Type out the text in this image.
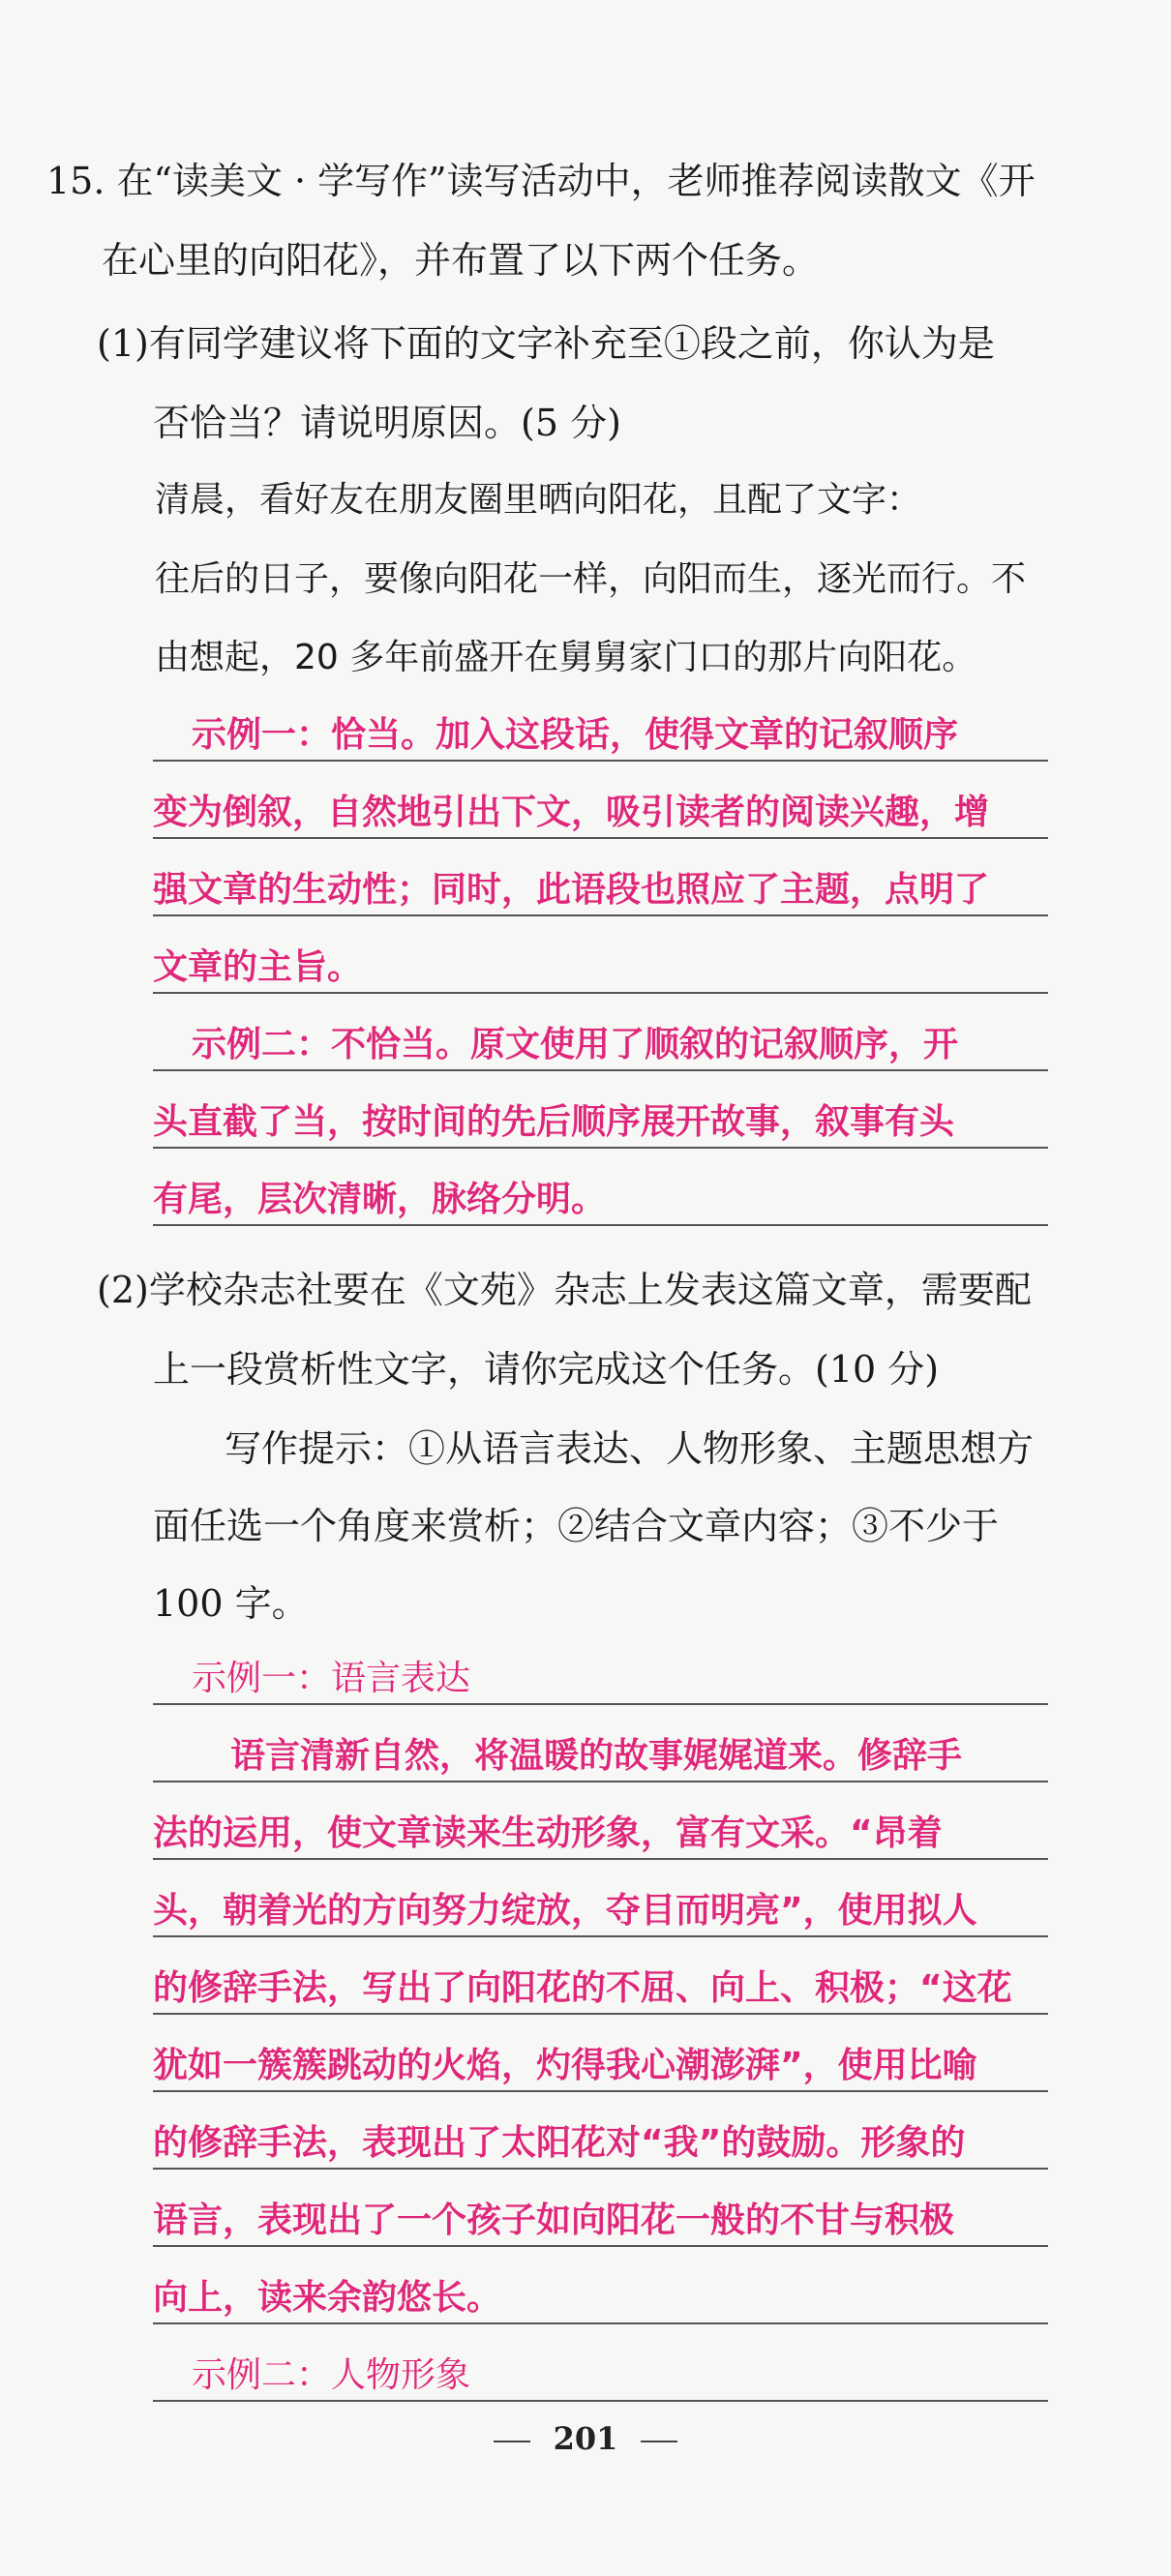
15. 在“读美文 · 学写作”读写活动中，老师推荐阅读散文《开
在心里的向阳花》，并布置了以下两个任务。
(1)有同学建议将下面的文字补充至①段之前，你认为是
否恰当？请说明原因。(5 分)
清晨，看好友在朋友圈里晒向阳花，且配了文字：
往后的日子，要像向阳花一样，向阳而生，逐光而行。不
由想起，20 多年前盛开在舅舅家门口的那片向阳花。
示例一：恰当。加入这段话，使得文章的记叙顺序
变为倒叙，自然地引出下文，吸引读者的阅读兴趣，增
强文章的生动性；同时，此语段也照应了主题，点明了
文章的主旨。
示例二：不恰当。原文使用了顺叙的记叙顺序，开
头直截了当，按时间的先后顺序展开故事，叙事有头
有尾，层次清晰，脉络分明。
(2)学校杂志社要在《文苑》杂志上发表这篇文章，需要配
上一段赏析性文字，请你完成这个任务。(10 分)
写作提示：①从语言表达、人物形象、主题思想方
面任选一个角度来赏析；②结合文章内容；③不少于
100 字。
示例一：语言表达
语言清新自然，将温暖的故事娓娓道来。修辞手
法的运用，使文章读来生动形象，富有文采。“昂着
头，朝着光的方向努力绽放，夺目而明亮”，使用拟人
的修辞手法，写出了向阳花的不屈、向上、积极；“这花
犹如一簇簇跳动的火焰，灼得我心潮澎湃”，使用比喻
的修辞手法，表现出了太阳花对“我”的鼓励。形象的
语言，表现出了一个孩子如向阳花一般的不甘与积极
向上，读来余韵悠长。
示例二：人物形象
201
